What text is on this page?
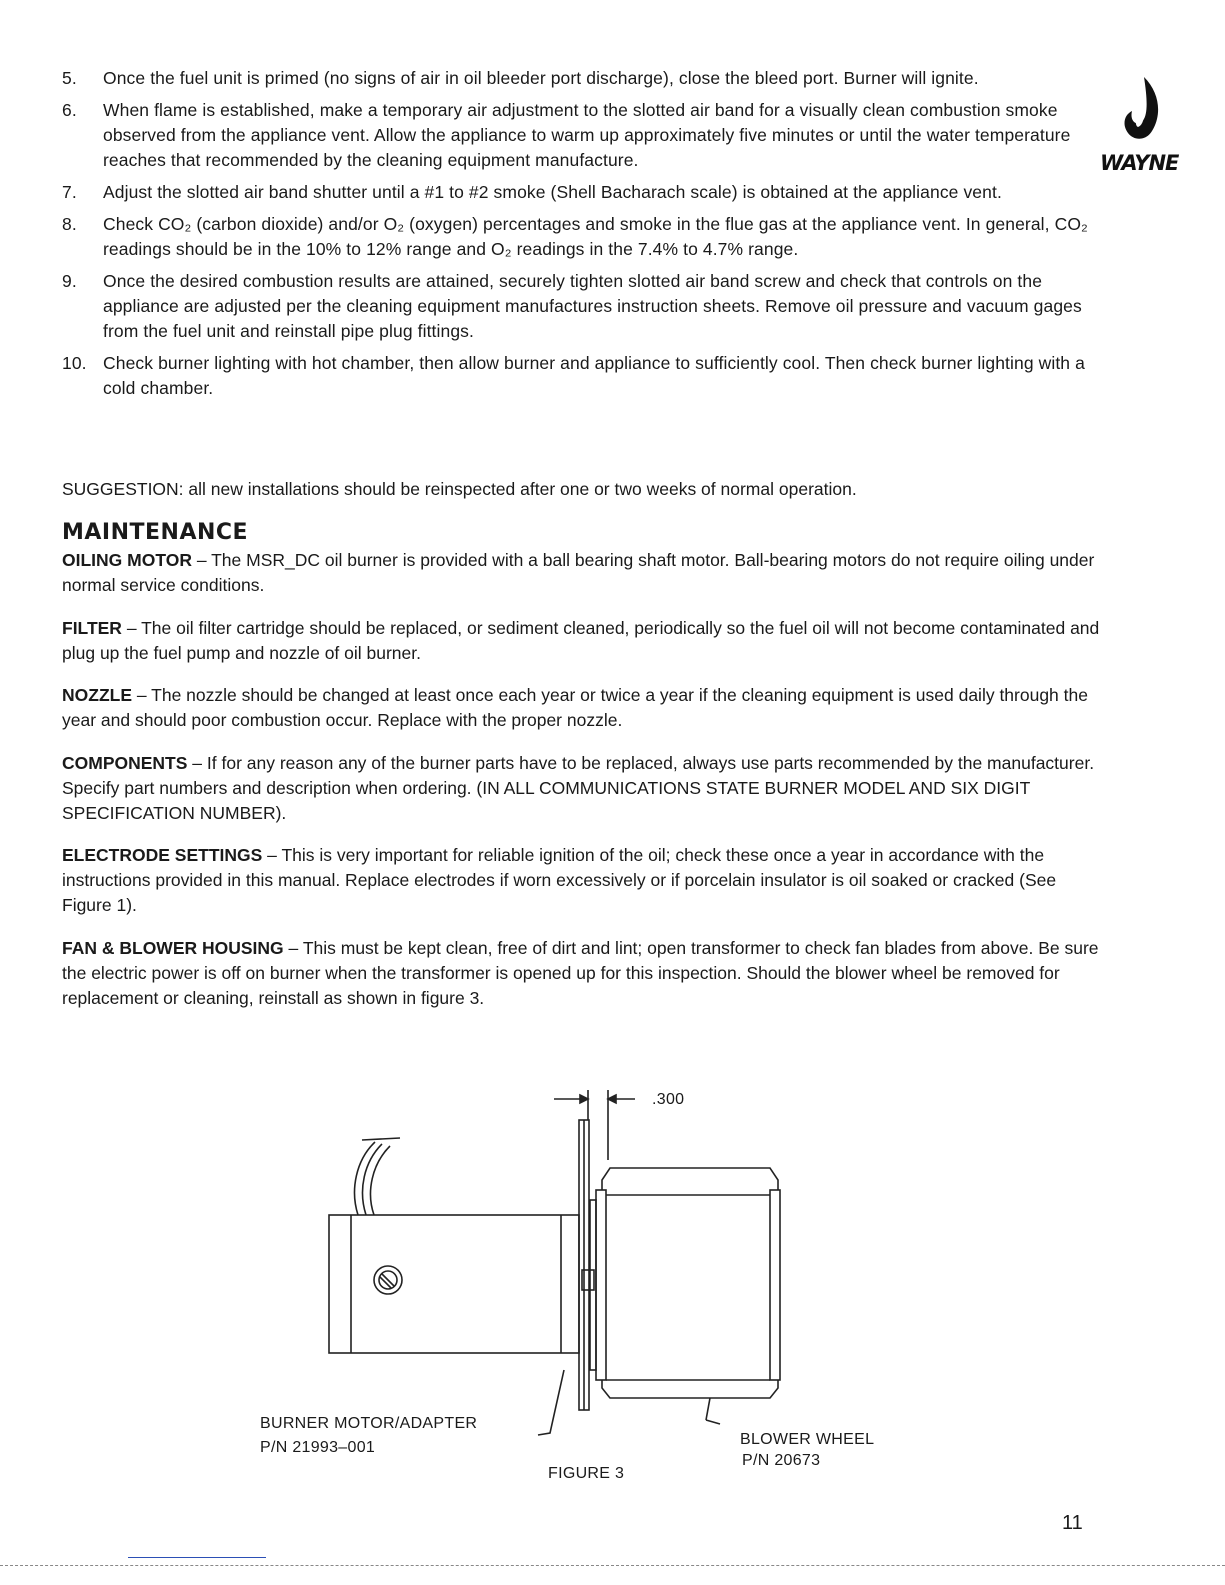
WAYNE
5. Once the fuel unit is primed (no signs of air in oil bleeder port discharge), close the bleed port. Burner will ignite.
6. When flame is established, make a temporary air adjustment to the slotted air band for a visually clean combustion smoke observed from the appliance vent. Allow the appliance to warm up approximately five minutes or until the water temperature reaches that recommended by the cleaning equipment manufacture.
7. Adjust the slotted air band shutter until a #1 to #2 smoke (Shell Bacharach scale) is obtained at the appliance vent.
8. Check CO₂ (carbon dioxide) and/or O₂ (oxygen) percentages and smoke in the flue gas at the appliance vent. In general, CO₂ readings should be in the 10% to 12% range and O₂ readings in the 7.4% to 4.7% range.
9. Once the desired combustion results are attained, securely tighten slotted air band screw and check that controls on the appliance are adjusted per the cleaning equipment manufactures instruction sheets. Remove oil pressure and vacuum gages from the fuel unit and reinstall pipe plug fittings.
10. Check burner lighting with hot chamber, then allow burner and appliance to sufficiently cool. Then check burner lighting with a cold chamber.
SUGGESTION: all new installations should be reinspected after one or two weeks of normal operation.
MAINTENANCE

OILING MOTOR – The MSR_DC oil burner is provided with a ball bearing shaft motor. Ball-bearing motors do not require oiling under normal service conditions.

FILTER – The oil filter cartridge should be replaced, or sediment cleaned, periodically so the fuel oil will not become contaminated and plug up the fuel pump and nozzle of oil burner.

NOZZLE – The nozzle should be changed at least once each year or twice a year if the cleaning equipment is used daily through the year and should poor combustion occur. Replace with the proper nozzle.

COMPONENTS – If for any reason any of the burner parts have to be replaced, always use parts recommended by the manufacturer. Specify part numbers and description when ordering. (IN ALL COMMUNICATIONS STATE BURNER MODEL AND SIX DIGIT SPECIFICATION NUMBER).

ELECTRODE SETTINGS – This is very important for reliable ignition of the oil; check these once a year in accordance with the instructions provided in this manual. Replace electrodes if worn excessively or if porcelain insulator is oil soaked or cracked (See Figure 1).

FAN & BLOWER HOUSING – This must be kept clean, free of dirt and lint; open transformer to check fan blades from above. Be sure the electric power is off on burner when the transformer is opened up for this inspection. Should the blower wheel be removed for replacement or cleaning, reinstall as shown in figure 3.

.300
BURNER MOTOR/ADAPTER
P/N 21993–001	BLOWER WHEEL
P/N 20673
FIGURE 3
11
